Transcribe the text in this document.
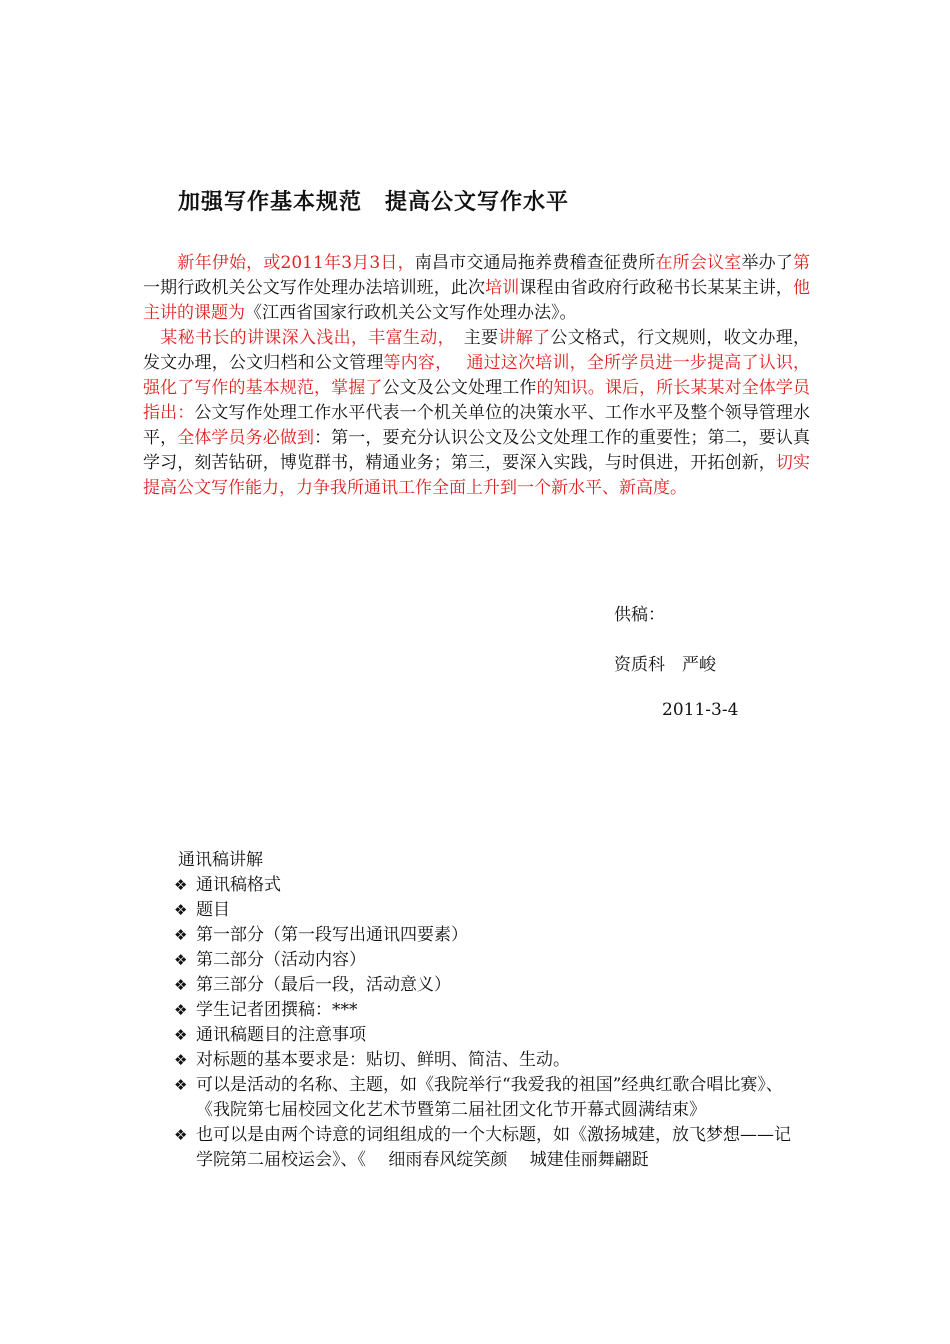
加强写作基本规范　提高公文写作水平

　　新年伊始，或2011年3月3日，南昌市交通局拖养费稽查征费所在所会议室举办了第一期行政机关公文写作处理办法培训班，此次培训课程由省政府行政秘书长某某主讲，他主讲的课题为《江西省国家行政机关公文写作处理办法》。

　某秘书长的讲课深入浅出，丰富生动，　主要讲解了公文格式，行文规则，收文办理，发文办理，公文归档和公文管理等内容，　 通过这次培训，全所学员进一步提高了认识，强化了写作的基本规范，掌握了公文及公文处理工作的知识。课后，所长某某对全体学员指出：公文写作处理工作水平代表一个机关单位的决策水平、工作水平及整个领导管理水平，全体学员务必做到：第一，要充分认识公文及公文处理工作的重要性；第二，要认真学习，刻苦钻研，博览群书，精通业务；第三，要深入实践，与时俱进，开拓创新，切实提高公文写作能力，力争我所通讯工作全面上升到一个新水平、新高度。

供稿：
资质科　严峻
2011-3-4
通讯稿讲解
❖ 通讯稿格式
❖ 题目
❖ 第一部分（第一段写出通讯四要素）
❖ 第二部分（活动内容）
❖ 第三部分（最后一段，活动意义）
❖ 学生记者团撰稿：***
❖ 通讯稿题目的注意事项
❖ 对标题的基本要求是：贴切、鲜明、简洁、生动。
❖ 可以是活动的名称、主题，如《我院举行“我爱我的祖国”经典红歌合唱比赛》、《我院第七届校园文化艺术节暨第二届社团文化节开幕式圆满结束》
❖ 也可以是由两个诗意的词组组成的一个大标题，如《激扬城建，放飞梦想——记学院第二届校运会》、《　 细雨春风绽笑颜　 城建佳丽舞翩跹
